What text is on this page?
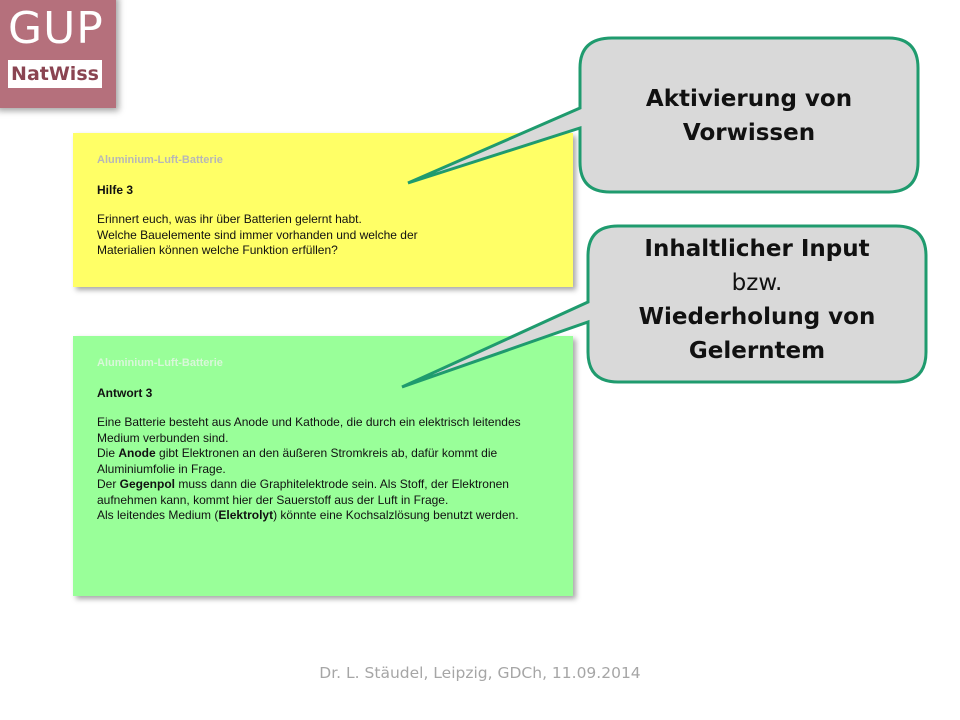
GUP
NatWiss
Aluminium-Luft-Batterie
Hilfe 3

Erinnert euch, was ihr über Batterien gelernt habt.

Welche Bauelemente sind immer vorhanden und welche der

Materialien können welche Funktion erfüllen?

Aluminium-Luft-Batterie
Antwort 3

Eine Batterie besteht aus Anode und Kathode, die durch ein elektrisch leitendes Medium verbunden sind.

Die Anode gibt Elektronen an den äußeren Stromkreis ab, dafür kommt die Aluminiumfolie in Frage.

Der Gegenpol muss dann die Graphitelektrode sein. Als Stoff, der Elektronen aufnehmen kann, kommt hier der Sauerstoff aus der Luft in Frage.

Als leitendes Medium (Elektrolyt) könnte eine Kochsalzlösung benutzt werden.

Aktivierung von
Vorwissen
Inhaltlicher Input
bzw.
Wiederholung von
Gelerntem
Dr. L. Stäudel, Leipzig, GDCh, 11.09.2014
